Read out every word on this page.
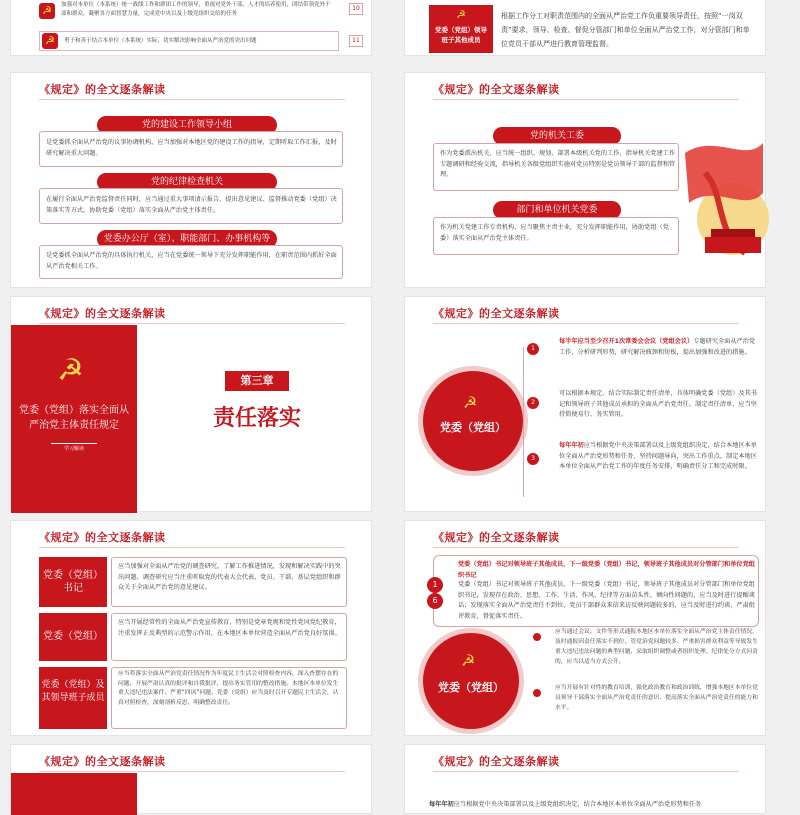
☭	加强对本单位（本系统）统一战线工作和群团工作的领导，重视对党外干部、人才的培养使用，团结带领党外干部和群众，凝聚各方面智慧力量，完成党中央以及上级党组织交给的任务
10
☭	勇于和善于结合本单位（本系统）实际，切实解决影响全面从严治党的突出问题	11
☭
党委（党组）领导班子其他成员
根据工作分工对职责范围内的全面从严治党工作负重要领导责任，按照“一岗双责”要求，领导、检查、督促分管部门和单位全面从严治党工作，对分管部门和单位党员干部从严进行教育管理监督。
《规定》的全文逐条解读
党的建设工作领导小组
是党委抓全面从严治党的议事协调机构，应当加强对本地区党的建设工作的指导，定期听取工作汇报，及时研究解决重大问题。
党的纪律检查机关
在履行全面从严治党监督责任同时，应当通过重大事项请示报告、提出意见建议、监督推动党委（党组）决策落实等方式，协助党委（党组）落实全面从严治党主体责任。
党委办公厅（室）、职能部门、办事机构等
是党委抓全面从严治党的具体执行机关，应当在党委统一领导下充分发挥职能作用，在职责范围内抓好全面从严治党相关工作。
《规定》的全文逐条解读
党的机关工委
作为党委派出机关，应当统一组织、规划、部署本级机关党的工作，指导机关党建工作专题调研和经验交流，指导机关各级党组织实施对党员特别是党员领导干部的监督和管理。
部门和单位机关党委
作为机关党建工作专责机构，应当聚焦主责主业，充分发挥职能作用，协助党组（党委）落实全面从严治党主体责任。
《规定》的全文逐条解读
☭
党委（党组）落实全面从严治党主体责任规定
学习解读
第三章
责任落实
《规定》的全文逐条解读
☭
党委（党组）
1
每半年应当至少召开1次常委会会议（党组会议）专题研究全面从严治党工作，分析研判形势，研究解决瓶颈和短板，提出加强和改进的措施。
2
可以根据本规定，结合实际制定责任清单，具体明确党委（党组）及其书记和领导班子其他成员承担的全面从严治党责任。制定责任清单，应当坚持简便易行、务实管用。
3
每年年初应当根据党中央决策部署以及上级党组织决定，结合本地区本单位全面从严治党形势和任务，坚持问题导向，突出工作重点，制定本地区本单位全面从严治党工作的年度任务安排，明确责任分工和完成时限。
《规定》的全文逐条解读
党委（党组）书记
应当加强对全面从严治党的调查研究，了解工作推进情况，发现和解决实践中的突出问题。调查研究应当注重听取党的代表大会代表、党员、干部、基层党组织和群众关于全面从严治党的意见建议。
党委（党组）
应当开展经常性的全面从严治党宣传教育，特别是党章党规和党性党风党纪教育，注重发挥正反典型的示范警示作用，在本地区本单位营造全面从严治党良好氛围。
党委（党组）及其领导班子成员
应当将落实全面从严治党责任情况作为年度民主生活会对照检查内容，深入查摆存在的问题，开展严肃认真的批评和自我批评，提出务实管用的整改措施。本地区本单位发生重大违纪违法案件、严重“四风”问题、党委（党组）应当及时召开专题民主生活会，认真对照检查，深刻剖析反思，明确整改责任。
《规定》的全文逐条解读
党委（党组）书记对领导班子其他成员、下一级党委（党组）书记，领导班子其他成员对分管部门和单位党组织书记
党委（党组）书记对领导班子其他成员、下一级党委（党组）书记，领导班子其他成员对分管部门和单位党组织书记，发现存在政治、思想、工作、生活、作风、纪律等方面苗头性、倾向性问题的，应当及时进行提醒谈话；发现落实全面从严治党责任不到位、党员干部群众来信来访反映问题较多的，应当及时进行约谈，严肃批评教育，督促落实责任。
1
6
☭
党委（党组）
应当通过会议、文件等形式通报本地区本单位落实全面从严治党主体责任情况，及时通报因责任落实不到位、管党治党问题较多、严重损害群众利益等导致发生重大违纪违法问题的典型问题，采取组织调整或者组织处理、纪律处分方式问责的，应当以适当方式公开。
应当开展有针对性的教育培训，强化政治教育和政治训练，增强本地区本单位党员领导干部落实全面从严治党责任的意识，提高落实全面从严治党责任的能力和水平。
《规定》的全文逐条解读	《规定》的全文逐条解读
每年年初应当根据党中央决策部署以及上级党组织决定，结合本地区本单位全面从严治党形势和任务
